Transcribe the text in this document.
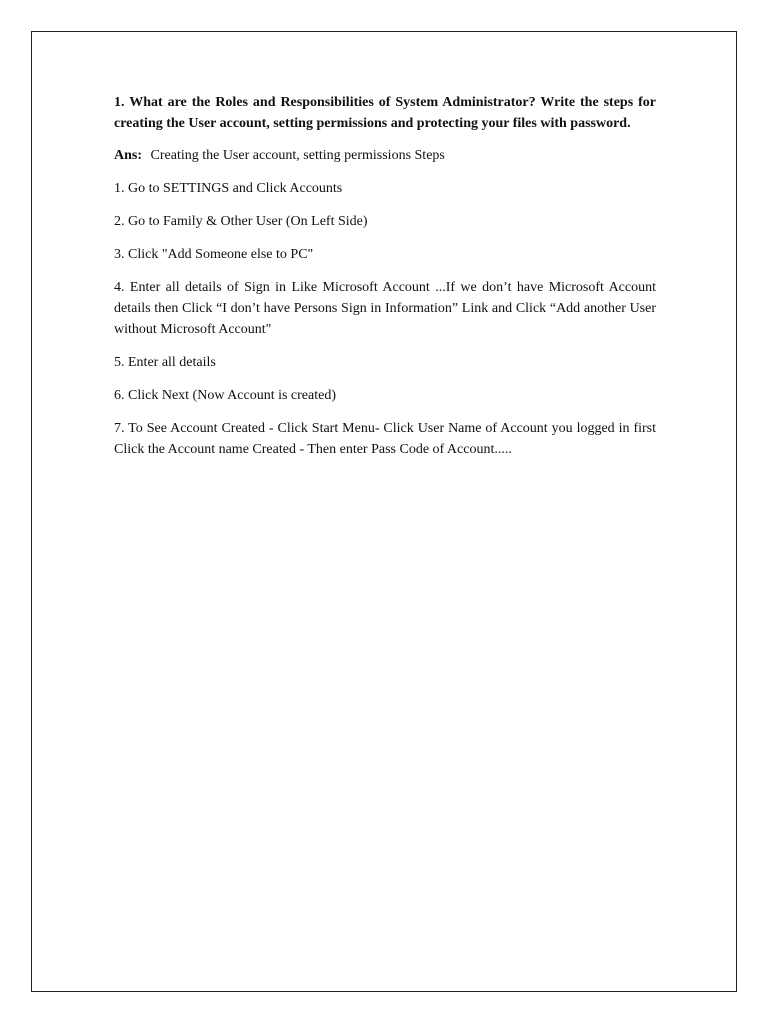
1. What are the Roles and Responsibilities of System Administrator? Write the steps for creating the User account, setting permissions and protecting your files with password.

Ans: Creating the User account, setting permissions Steps

1. Go to SETTINGS and Click Accounts

2. Go to Family & Other User (On Left Side)

3. Click "Add Someone else to PC"

4. Enter all details of Sign in Like Microsoft Account ...If we don’t have Microsoft Account details then Click “I don’t have Persons Sign in Information” Link and Click “Add another User without Microsoft Account"

5. Enter all details

6. Click Next (Now Account is created)

7. To See Account Created - Click Start Menu- Click User Name of Account you logged in first Click the Account name Created - Then enter Pass Code of Account.....
